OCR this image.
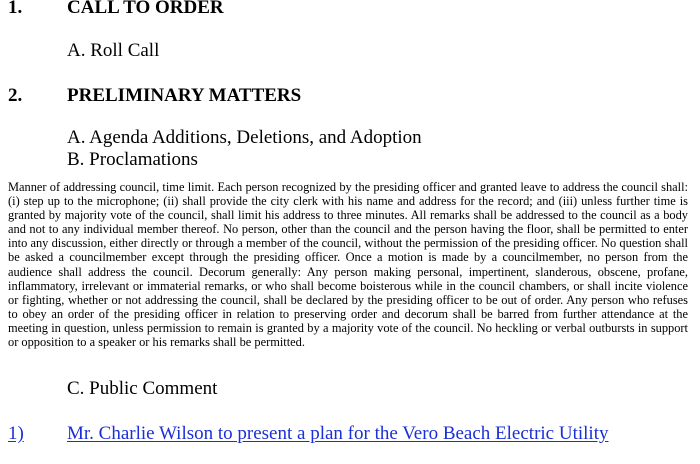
1. CALL TO ORDER
A. Roll Call
2. PRELIMINARY MATTERS
A. Agenda Additions, Deletions, and Adoption
B. Proclamations
Manner of addressing council, time limit. Each person recognized by the presiding officer and granted leave to address the council shall: (i) step up to the microphone; (ii) shall provide the city clerk with his name and address for the record; and (iii) unless further time is granted by majority vote of the council, shall limit his address to three minutes. All remarks shall be addressed to the council as a body and not to any individual member thereof. No person, other than the council and the person having the floor, shall be permitted to enter into any discussion, either directly or through a member of the council, without the permission of the presiding officer. No question shall be asked a councilmember except through the presiding officer. Once a motion is made by a councilmember, no person from the audience shall address the council. Decorum generally: Any person making personal, impertinent, slanderous, obscene, profane, inflammatory, irrelevant or immaterial remarks, or who shall become boisterous while in the council chambers, or shall incite violence or fighting, whether or not addressing the council, shall be declared by the presiding officer to be out of order. Any person who refuses to obey an order of the presiding officer in relation to preserving order and decorum shall be barred from further attendance at the meeting in question, unless permission to remain is granted by a majority vote of the council. No heckling or verbal outbursts in support or opposition to a speaker or his remarks shall be permitted.
C. Public Comment
1) Mr. Charlie Wilson to present a plan for the Vero Beach Electric Utility
